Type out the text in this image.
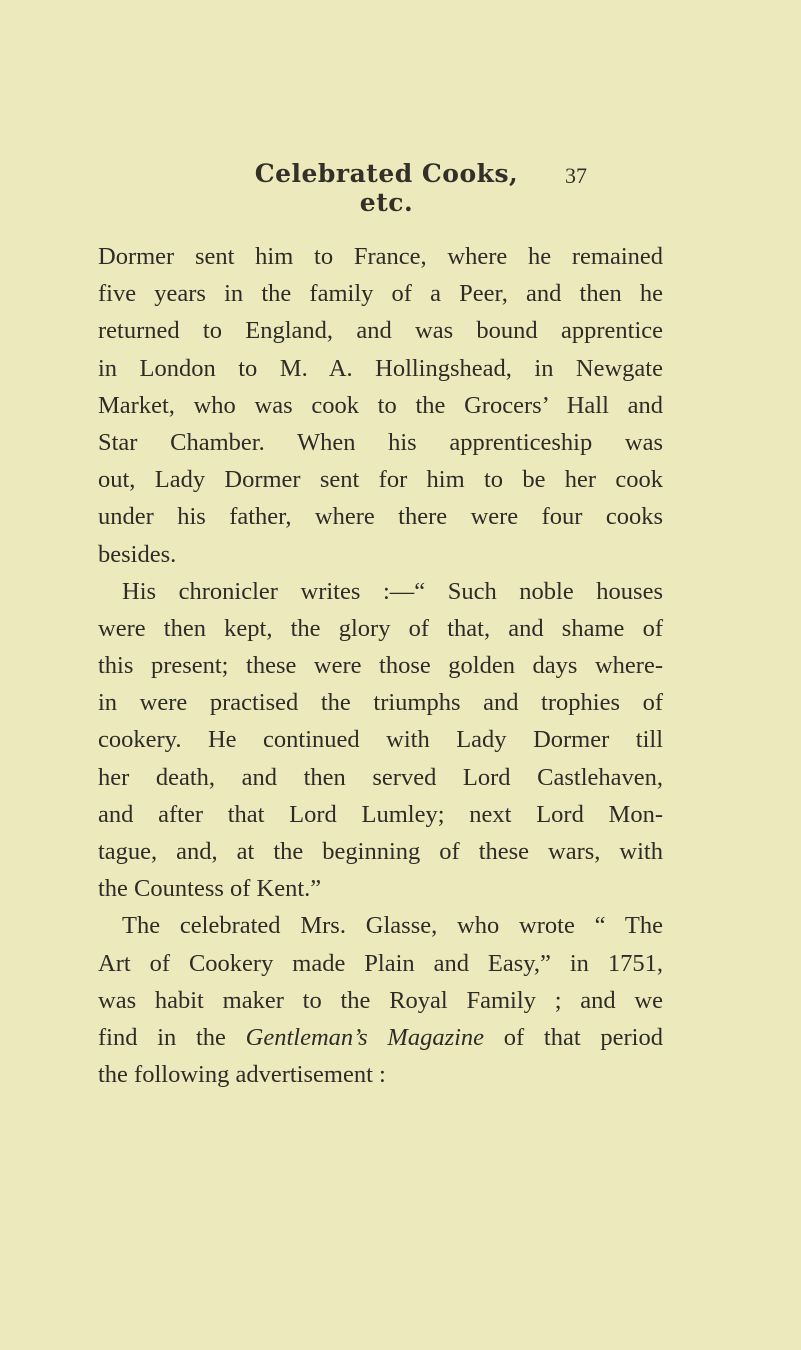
Celebrated Cooks, etc.
37
Dormer sent him to France, where he remained
five years in the family of a Peer, and then he
returned to England, and was bound apprentice
in London to M. A. Hollingshead, in Newgate
Market, who was cook to the Grocers’ Hall and
Star Chamber. When his apprenticeship was
out, Lady Dormer sent for him to be her cook
under his father, where there were four cooks
besides.
His chronicler writes :—“ Such noble houses
were then kept, the glory of that, and shame of
this present; these were those golden days where-
in were practised the triumphs and trophies of
cookery. He continued with Lady Dormer till
her death, and then served Lord Castlehaven,
and after that Lord Lumley; next Lord Mon-
tague, and, at the beginning of these wars, with
the Countess of Kent.”
The celebrated Mrs. Glasse, who wrote “ The
Art of Cookery made Plain and Easy,” in 1751,
was habit maker to the Royal Family ; and we
find in the Gentleman’s Magazine of that period
the following advertisement :
